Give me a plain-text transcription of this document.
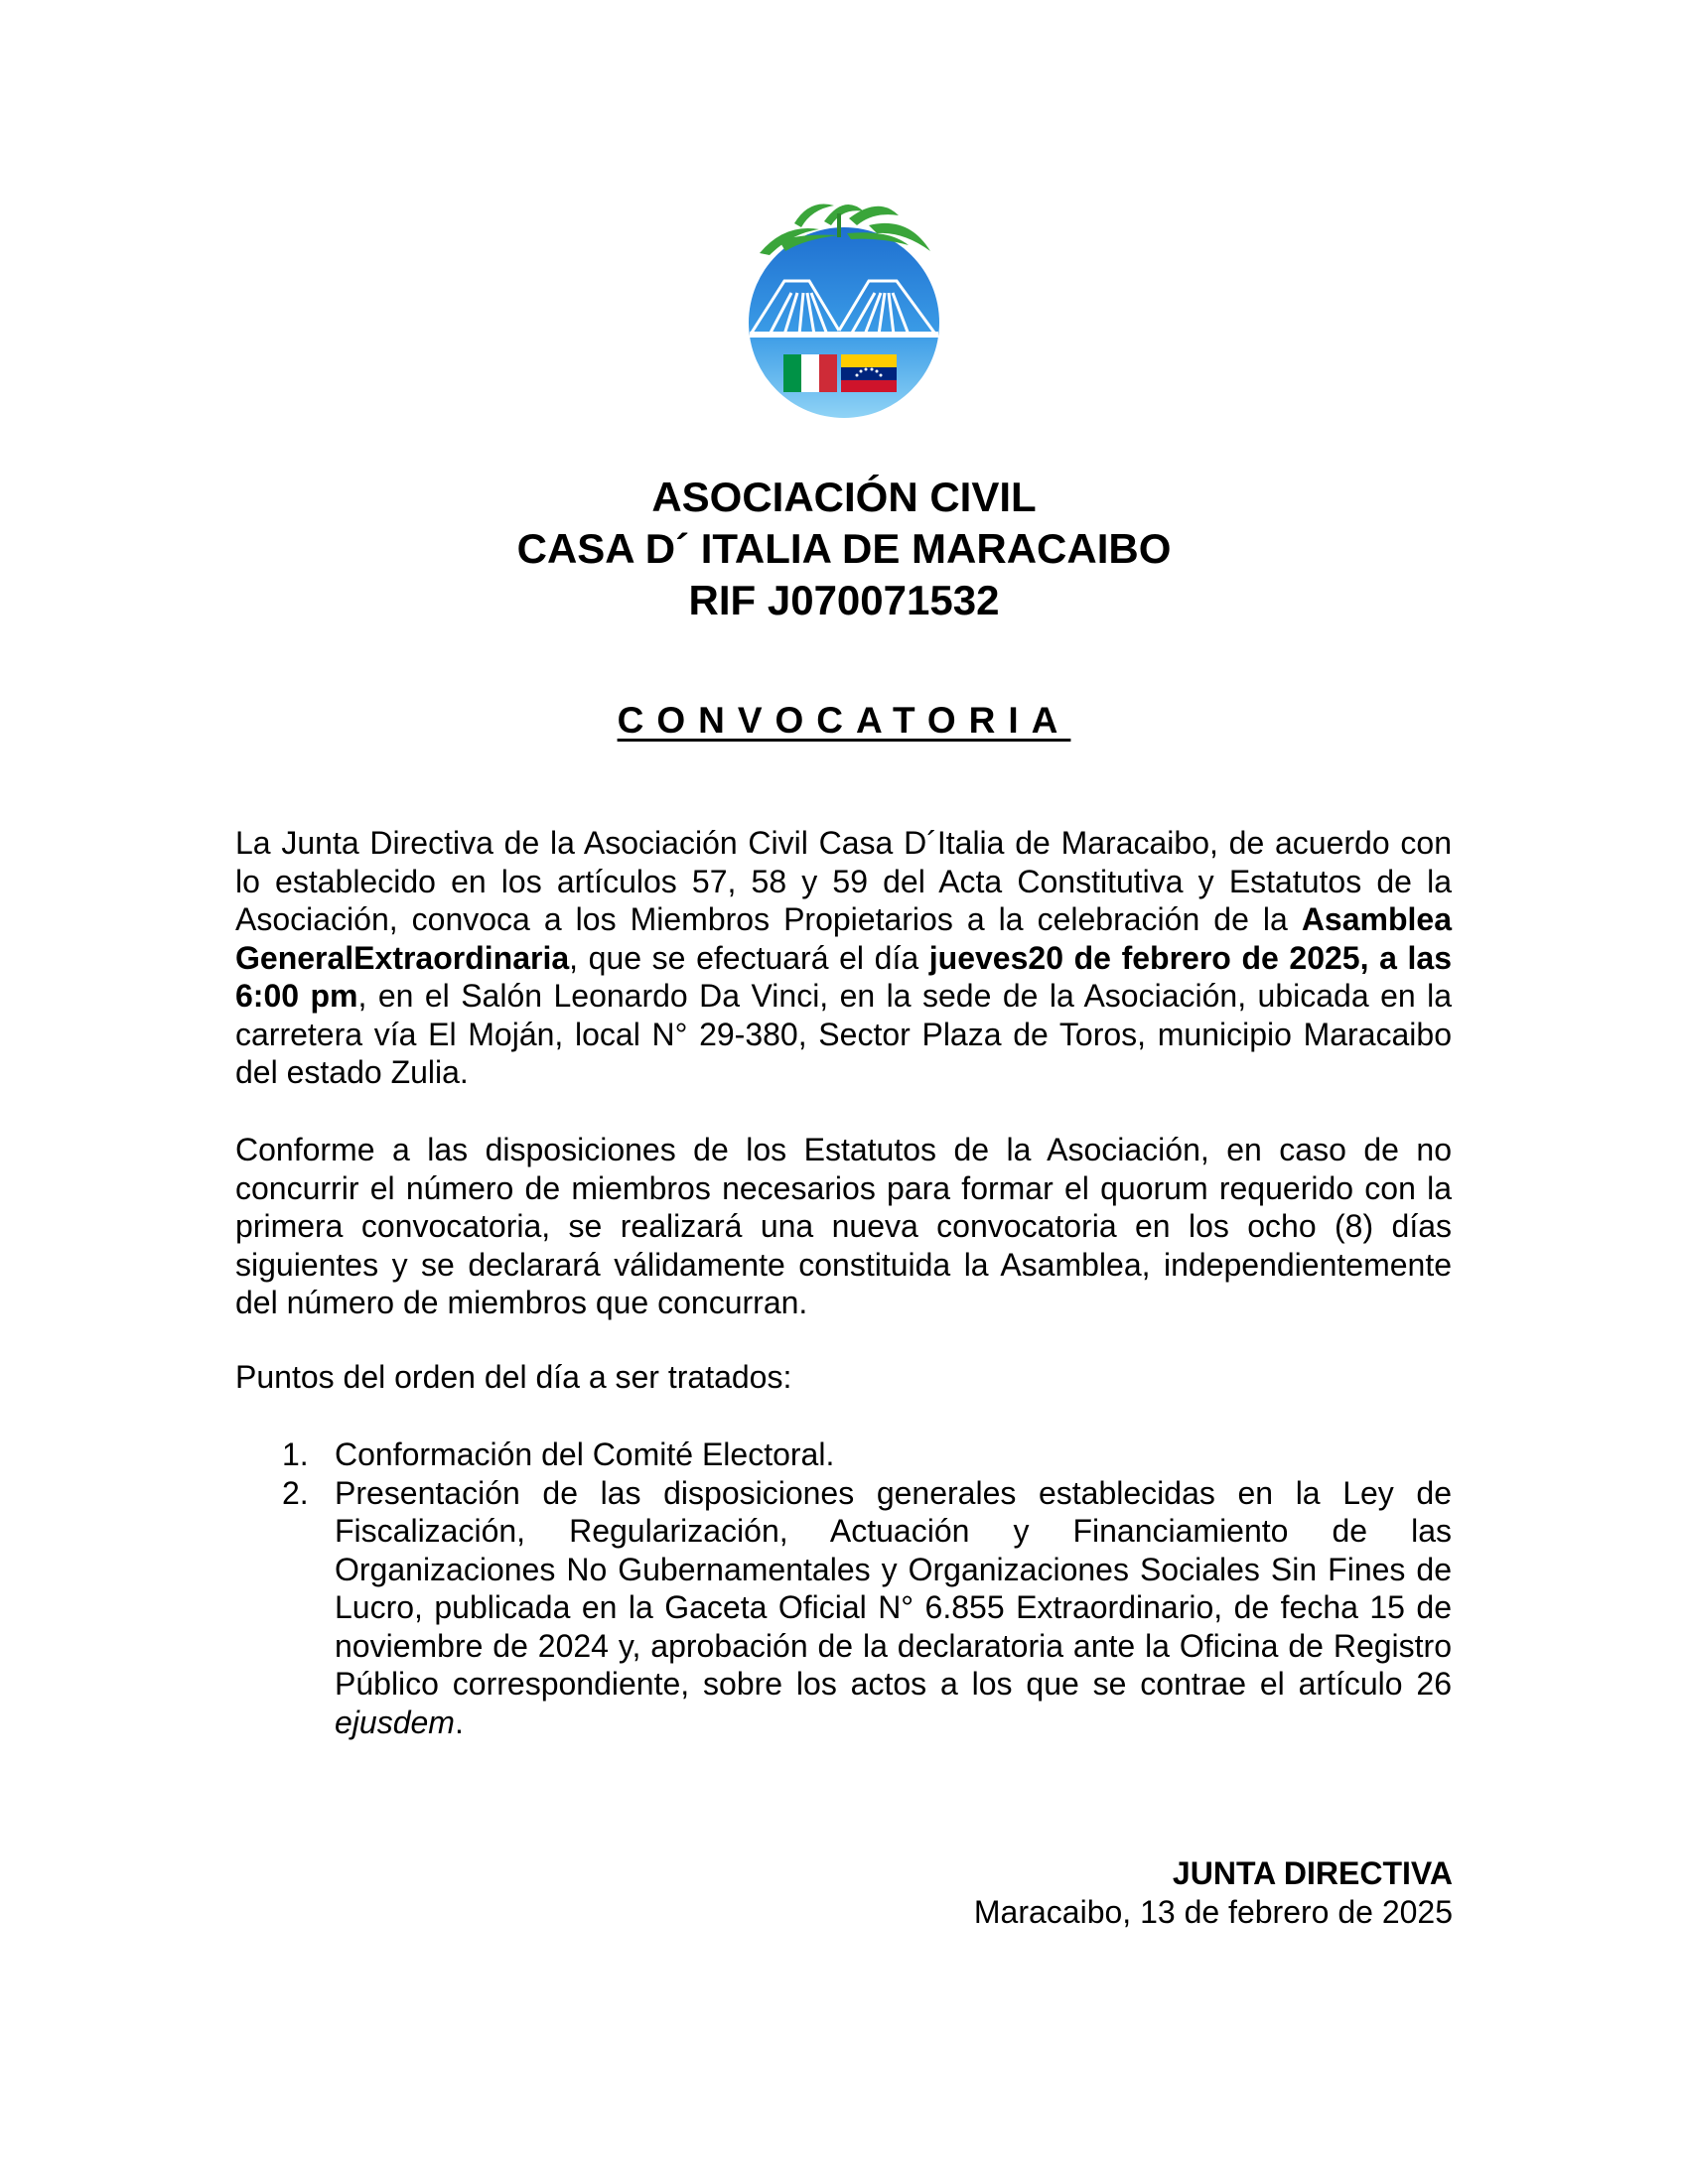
ASOCIACIÓN CIVIL
CASA D´ ITALIA DE MARACAIBO
RIF J070071532
CONVOCATORIA
La Junta Directiva de la Asociación Civil Casa D´Italia de Maracaibo, de acuerdo con lo establecido en los artículos 57, 58 y 59 del Acta Constitutiva y Estatutos de la Asociación, convoca a los Miembros Propietarios a la celebración de la Asamblea GeneralExtraordinaria, que se efectuará el día jueves20 de febrero de 2025, a las 6:00 pm, en el Salón Leonardo Da Vinci, en la sede de la Asociación, ubicada en la carretera vía El Moján, local N° 29-380, Sector Plaza de Toros, municipio Maracaibo del estado Zulia.
Conforme a las disposiciones de los Estatutos de la Asociación, en caso de no concurrir el número de miembros necesarios para formar el quorum requerido con la primera convocatoria, se realizará una nueva convocatoria en los ocho (8) días siguientes y se declarará válidamente constituida la Asamblea, independientemente del número de miembros que concurran.
Puntos del orden del día a ser tratados:
1. Conformación del Comité Electoral.
2. Presentación de las disposiciones generales establecidas en la Ley de Fiscalización, Regularización, Actuación y Financiamiento de las Organizaciones No Gubernamentales y Organizaciones Sociales Sin Fines de Lucro, publicada en la Gaceta Oficial N° 6.855 Extraordinario, de fecha 15 de noviembre de 2024 y, aprobación de la declaratoria ante la Oficina de Registro Público correspondiente, sobre los actos a los que se contrae el artículo 26 ejusdem.
JUNTA DIRECTIVA
Maracaibo, 13 de febrero de 2025
